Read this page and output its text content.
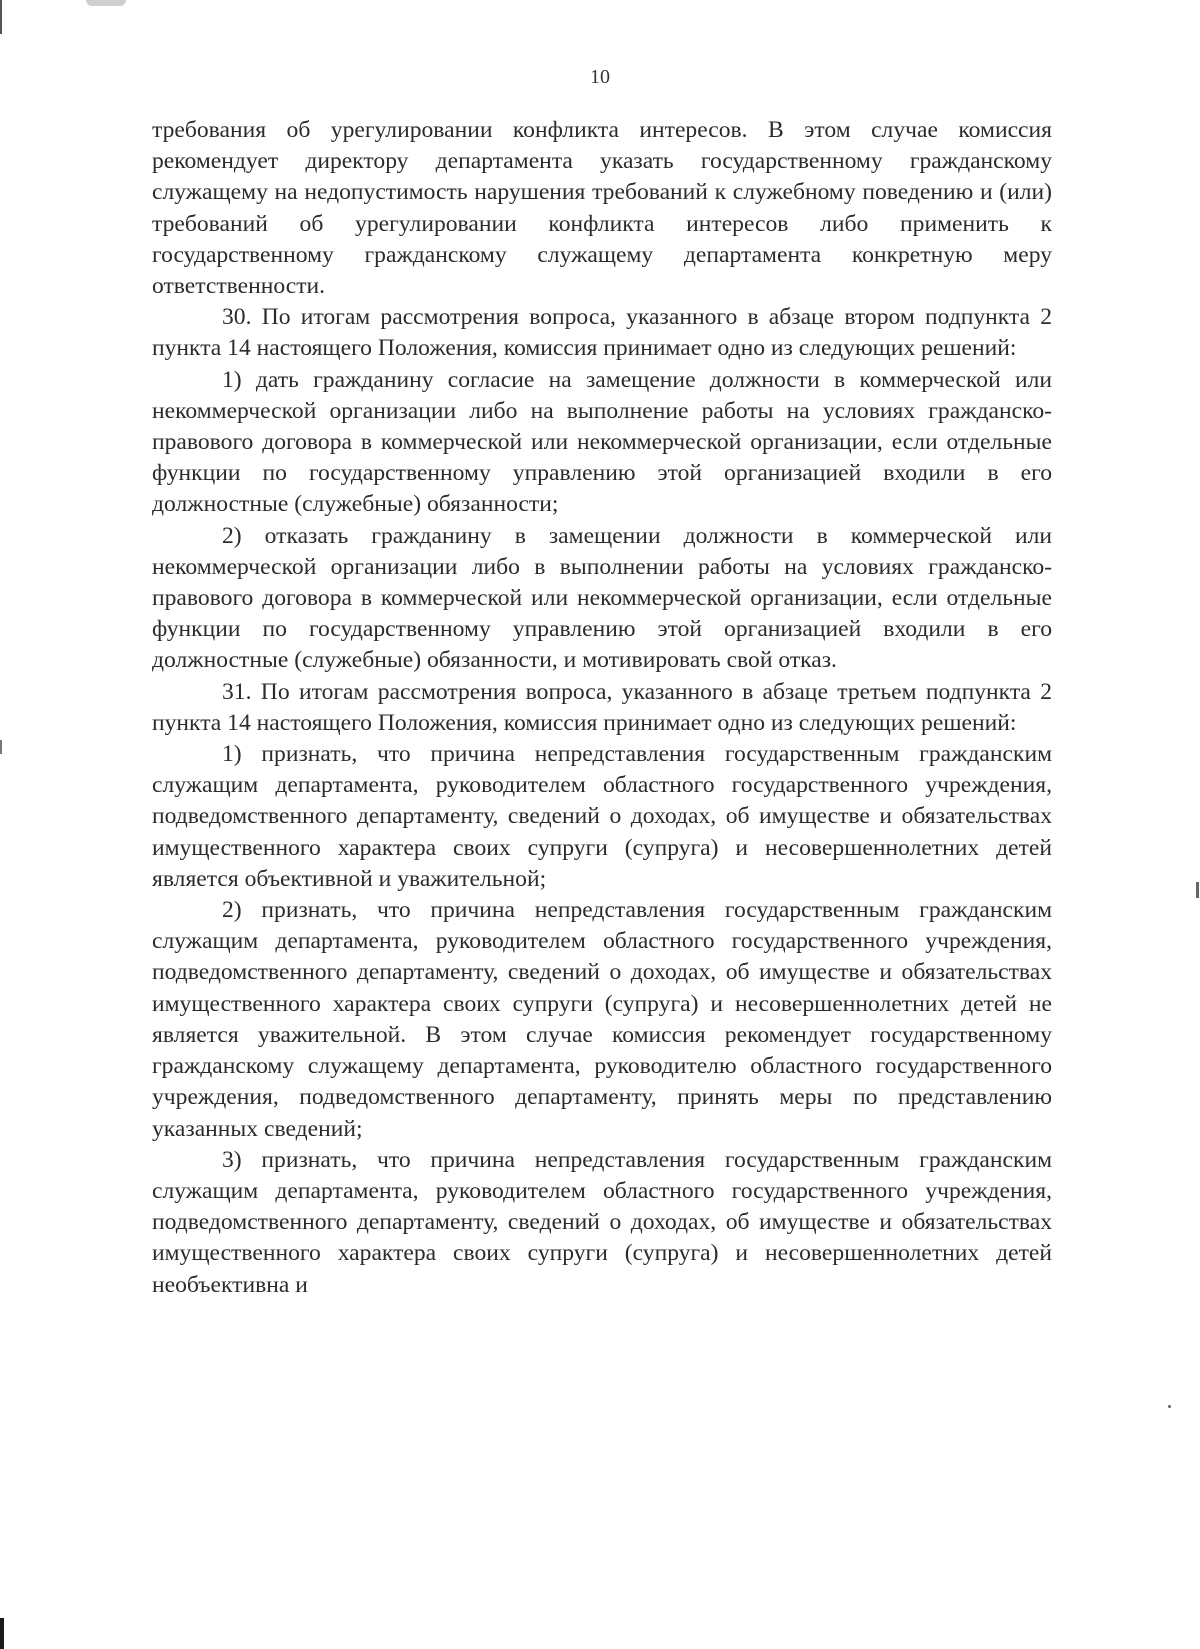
10

требования об урегулировании конфликта интересов. В этом случае комиссия рекомендует директору департамента указать государственному гражданскому служащему на недопустимость нарушения требований к служебному поведению и (или) требований об урегулировании конфликта интересов либо применить к государственному гражданскому служащему департамента конкретную меру ответственности.

30. По итогам рассмотрения вопроса, указанного в абзаце втором подпункта 2 пункта 14 настоящего Положения, комиссия принимает одно из следующих решений:

1) дать гражданину согласие на замещение должности в коммерческой или некоммерческой организации либо на выполнение работы на условиях гражданско-правового договора в коммерческой или некоммерческой организации, если отдельные функции по государственному управлению этой организацией входили в его должностные (служебные) обязанности;

2) отказать гражданину в замещении должности в коммерческой или некоммерческой организации либо в выполнении работы на условиях гражданско-правового договора в коммерческой или некоммерческой организации, если отдельные функции по государственному управлению этой организацией входили в его должностные (служебные) обязанности, и мотивировать свой отказ.

31. По итогам рассмотрения вопроса, указанного в абзаце третьем подпункта 2 пункта 14 настоящего Положения, комиссия принимает одно из следующих решений:

1) признать, что причина непредставления государственным гражданским служащим департамента, руководителем областного государственного учреждения, подведомственного департаменту, сведений о доходах, об имуществе и обязательствах имущественного характера своих супруги (супруга) и несовершеннолетних детей является объективной и уважительной;

2) признать, что причина непредставления государственным гражданским служащим департамента, руководителем областного государственного учреждения, подведомственного департаменту, сведений о доходах, об имуществе и обязательствах имущественного характера своих супруги (супруга) и несовершеннолетних детей не является уважительной. В этом случае комиссия рекомендует государственному гражданскому служащему департамента, руководителю областного государственного учреждения, подведомственного департаменту, принять меры по представлению указанных сведений;

3) признать, что причина непредставления государственным гражданским служащим департамента, руководителем областного государственного учреждения, подведомственного департаменту, сведений о доходах, об имуществе и обязательствах имущественного характера своих супруги (супруга) и несовершеннолетних детей необъективна и
